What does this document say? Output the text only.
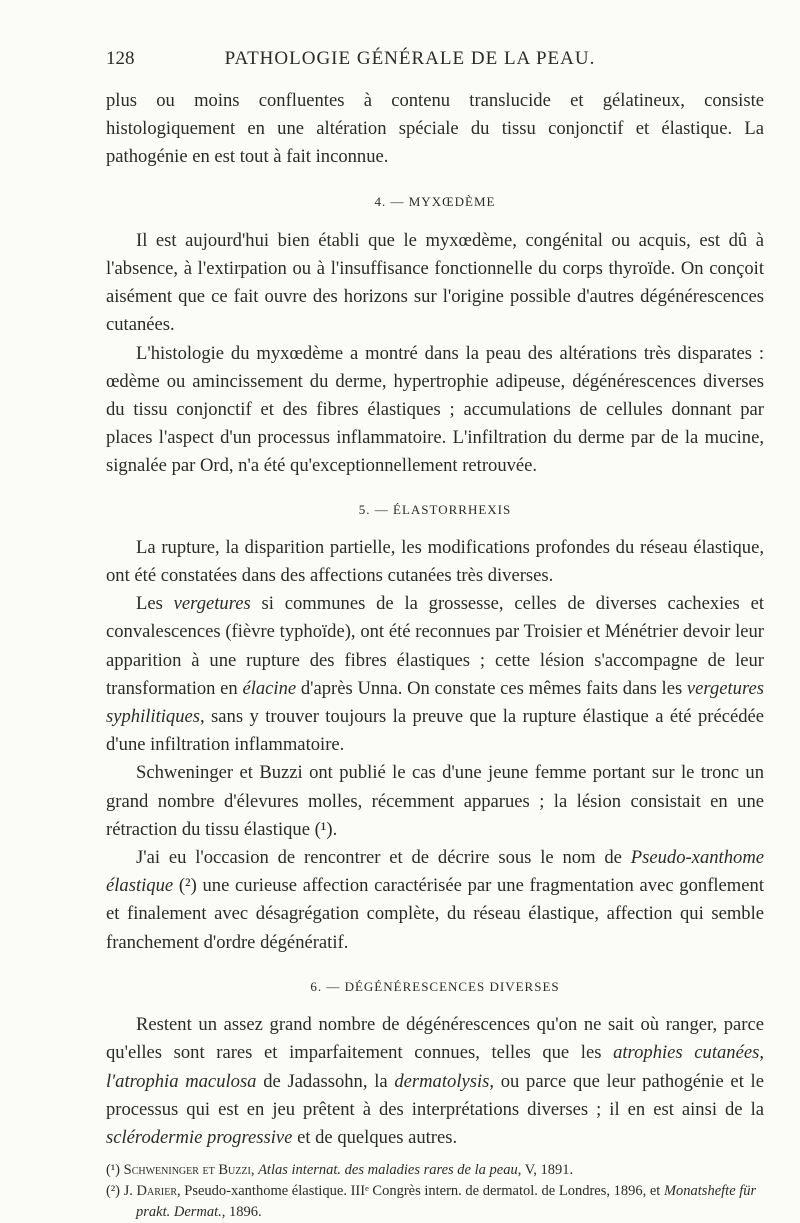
128	PATHOLOGIE GÉNÉRALE DE LA PEAU.

plus ou moins confluentes à contenu translucide et gélatineux, consiste histologiquement en une altération spéciale du tissu conjonctif et élastique. La pathogénie en est tout à fait inconnue.

4. — MYXŒDÈME

Il est aujourd'hui bien établi que le myxœdème, congénital ou acquis, est dû à l'absence, à l'extirpation ou à l'insuffisance fonctionnelle du corps thyroïde. On conçoit aisément que ce fait ouvre des horizons sur l'origine possible d'autres dégénérescences cutanées.

L'histologie du myxœdème a montré dans la peau des altérations très disparates : œdème ou amincissement du derme, hypertrophie adipeuse, dégénérescences diverses du tissu conjonctif et des fibres élastiques ; accumulations de cellules donnant par places l'aspect d'un processus inflammatoire. L'infiltration du derme par de la mucine, signalée par Ord, n'a été qu'exceptionnellement retrouvée.

5. — ÉLASTORRHEXIS

La rupture, la disparition partielle, les modifications profondes du réseau élastique, ont été constatées dans des affections cutanées très diverses.

Les vergetures si communes de la grossesse, celles de diverses cachexies et convalescences (fièvre typhoïde), ont été reconnues par Troisier et Ménétrier devoir leur apparition à une rupture des fibres élastiques ; cette lésion s'accompagne de leur transformation en élacine d'après Unna. On constate ces mêmes faits dans les vergetures syphilitiques, sans y trouver toujours la preuve que la rupture élastique a été précédée d'une infiltration inflammatoire.

Schweninger et Buzzi ont publié le cas d'une jeune femme portant sur le tronc un grand nombre d'élevures molles, récemment apparues ; la lésion consistait en une rétraction du tissu élastique (¹).

J'ai eu l'occasion de rencontrer et de décrire sous le nom de Pseudo-xanthome élastique (²) une curieuse affection caractérisée par une fragmentation avec gonflement et finalement avec désagrégation complète, du réseau élastique, affection qui semble franchement d'ordre dégénératif.

6. — DÉGÉNÉRESCENCES DIVERSES

Restent un assez grand nombre de dégénérescences qu'on ne sait où ranger, parce qu'elles sont rares et imparfaitement connues, telles que les atrophies cutanées, l'atrophia maculosa de Jadassohn, la dermatolysis, ou parce que leur pathogénie et le processus qui est en jeu prêtent à des interprétations diverses ; il en est ainsi de la sclérodermie progressive et de quelques autres.

(¹) Schweninger et Buzzi, Atlas internat. des maladies rares de la peau, V, 1891.

(²) J. Darier, Pseudo-xanthome élastique. IIIᵉ Congrès intern. de dermatol. de Londres, 1896, et Monatshefte für prakt. Dermat., 1896.
